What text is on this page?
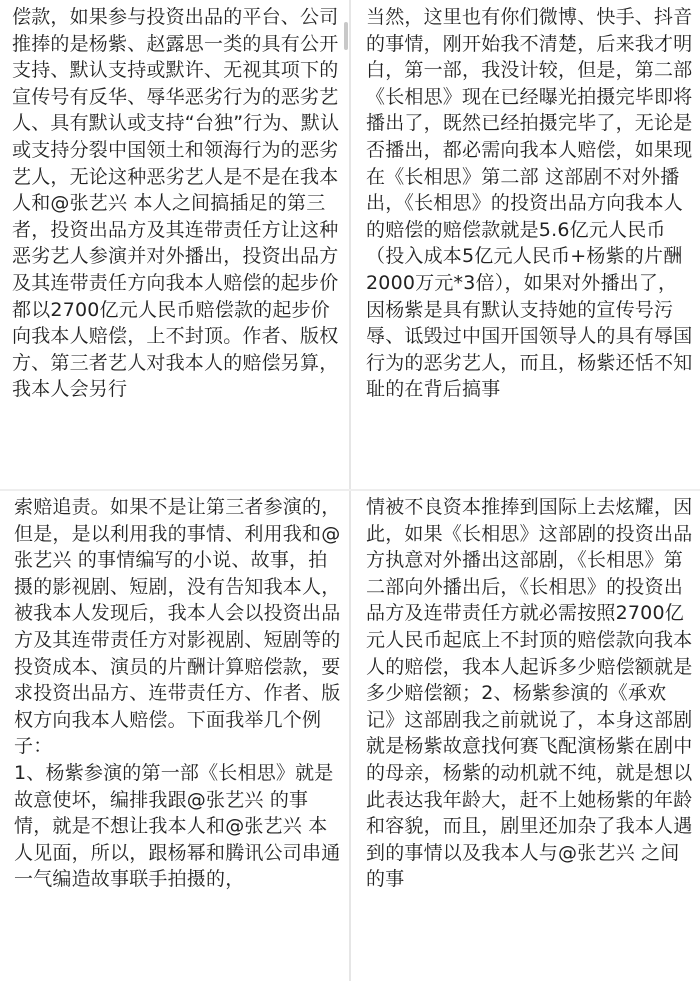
偿款，如果参与投资出品的平台、公司推捧的是杨紫、赵露思一类的具有公开支持、默认支持或默许、无视其项下的宣传号有反华、辱华恶劣行为的恶劣艺人、具有默认或支持“台独”行为、默认或支持分裂中国领土和领海行为的恶劣艺人，无论这种恶劣艺人是不是在我本人和@张艺兴 本人之间搞插足的第三者，投资出品方及其连带责任方让这种恶劣艺人参演并对外播出，投资出品方及其连带责任方向我本人赔偿的起步价都以2700亿元人民币赔偿款的起步价向我本人赔偿，上不封顶。作者、版权方、第三者艺人对我本人的赔偿另算，我本人会另行
当然，这里也有你们微博、快手、抖音的事情，刚开始我不清楚，后来我才明白，第一部，我没计较，但是，第二部《长相思》现在已经曝光拍摄完毕即将播出了，既然已经拍摄完毕了，无论是否播出，都必需向我本人赔偿，如果现在《长相思》第二部 这部剧不对外播出，《长相思》的投资出品方向我本人的赔偿的赔偿款就是5.6亿元人民币（投入成本5亿元人民币+杨紫的片酬2000万元*3倍），如果对外播出了，因杨紫是具有默认支持她的宣传号污辱、诋毁过中国开国领导人的具有辱国行为的恶劣艺人，而且，杨紫还恬不知耻的在背后搞事
索赔追责。如果不是让第三者参演的，但是，是以利用我的事情、利用我和@张艺兴 的事情编写的小说、故事，拍摄的影视剧、短剧，没有告知我本人，被我本人发现后，我本人会以投资出品方及其连带责任方对影视剧、短剧等的投资成本、演员的片酬计算赔偿款，要求投资出品方、连带责任方、作者、版权方向我本人赔偿。下面我举几个例子：
1、杨紫参演的第一部《长相思》就是故意使坏，编排我跟@张艺兴 的事情，就是不想让我本人和@张艺兴 本人见面，所以，跟杨幂和腾讯公司串通一气编造故事联手拍摄的，
情被不良资本推捧到国际上去炫耀，因此，如果《长相思》这部剧的投资出品方执意对外播出这部剧，《长相思》第二部向外播出后，《长相思》的投资出品方及连带责任方就必需按照2700亿元人民币起底上不封顶的赔偿款向我本人的赔偿，我本人起诉多少赔偿额就是多少赔偿额；2、杨紫参演的《承欢记》这部剧我之前就说了，本身这部剧就是杨紫故意找何赛飞配演杨紫在剧中的母亲，杨紫的动机就不纯，就是想以此表达我年龄大，赶不上她杨紫的年龄和容貌，而且，剧里还加杂了我本人遇到的事情以及我本人与@张艺兴 之间的事
